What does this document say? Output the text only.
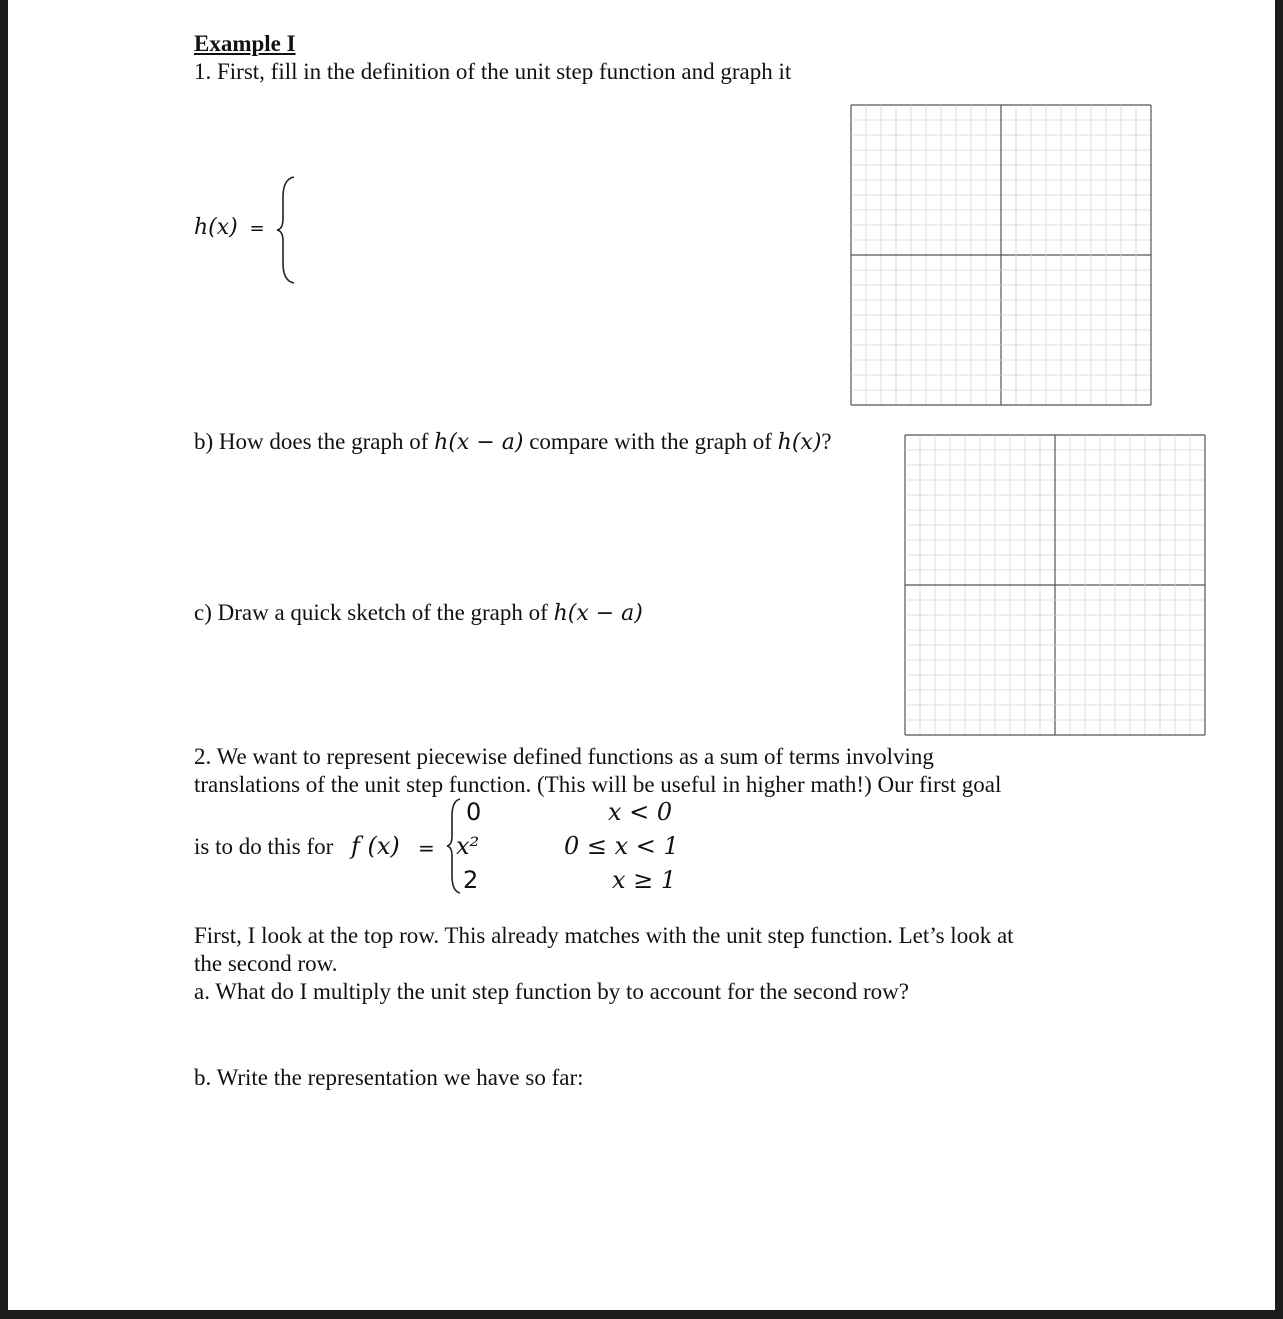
Example I
1. First, fill in the definition of the unit step function and graph it
h(x) =
b) How does the graph of h(x − a) compare with the graph of h(x)?
c) Draw a quick sketch of the graph of h(x − a)
2. We want to represent piecewise defined functions as a sum of terms involving
translations of the unit step function. (This will be useful in higher math!) Our first goal
is to do this for f (x) =
0
x²
2
x < 0
0 ≤ x < 1
x ≥ 1
First, I look at the top row. This already matches with the unit step function. Let’s look at
the second row.
a. What do I multiply the unit step function by to account for the second row?
b. Write the representation we have so far:
